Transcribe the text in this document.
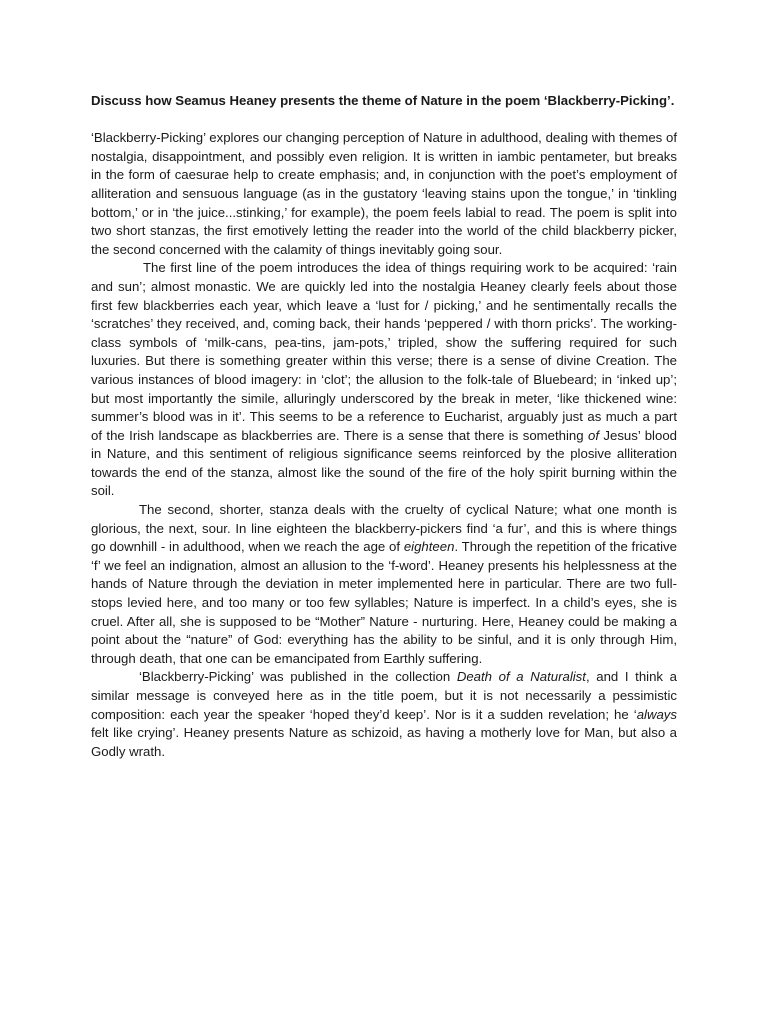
Discuss how Seamus Heaney presents the theme of Nature in the poem ‘Blackberry-Picking’.

‘Blackberry-Picking’ explores our changing perception of Nature in adulthood, dealing with themes of nostalgia, disappointment, and possibly even religion. It is written in iambic pentameter, but breaks in the form of caesurae help to create emphasis; and, in conjunction with the poet’s employment of alliteration and sensuous language (as in the gustatory ‘leaving stains upon the tongue,’ in ‘tinkling bottom,’ or in ‘the juice...stinking,’ for example), the poem feels labial to read. The poem is split into two short stanzas, the first emotively letting the reader into the world of the child blackberry picker, the second concerned with the calamity of things inevitably going sour.

The first line of the poem introduces the idea of things requiring work to be acquired: ‘rain and sun’; almost monastic. We are quickly led into the nostalgia Heaney clearly feels about those first few blackberries each year, which leave a ‘lust for / picking,’ and he sentimentally recalls the ‘scratches’ they received, and, coming back, their hands ‘peppered / with thorn pricks’. The working-class symbols of ‘milk-cans, pea-tins, jam-pots,’ tripled, show the suffering required for such luxuries. But there is something greater within this verse; there is a sense of divine Creation. The various instances of blood imagery: in ‘clot’; the allusion to the folk-tale of Bluebeard; in ‘inked up’; but most importantly the simile, alluringly underscored by the break in meter, ‘like thickened wine: summer’s blood was in it’. This seems to be a reference to Eucharist, arguably just as much a part of the Irish landscape as blackberries are. There is a sense that there is something of Jesus’ blood in Nature, and this sentiment of religious significance seems reinforced by the plosive alliteration towards the end of the stanza, almost like the sound of the fire of the holy spirit burning within the soil.

The second, shorter, stanza deals with the cruelty of cyclical Nature; what one month is glorious, the next, sour. In line eighteen the blackberry-pickers find ‘a fur’, and this is where things go downhill - in adulthood, when we reach the age of eighteen. Through the repetition of the fricative ‘f’ we feel an indignation, almost an allusion to the ‘f-word’. Heaney presents his helplessness at the hands of Nature through the deviation in meter implemented here in particular. There are two full-stops levied here, and too many or too few syllables; Nature is imperfect. In a child’s eyes, she is cruel. After all, she is supposed to be “Mother” Nature - nurturing. Here, Heaney could be making a point about the “nature” of God: everything has the ability to be sinful, and it is only through Him, through death, that one can be emancipated from Earthly suffering.

‘Blackberry-Picking’ was published in the collection Death of a Naturalist, and I think a similar message is conveyed here as in the title poem, but it is not necessarily a pessimistic composition: each year the speaker ‘hoped they’d keep’. Nor is it a sudden revelation; he ‘always felt like crying’. Heaney presents Nature as schizoid, as having a motherly love for Man, but also a Godly wrath.
